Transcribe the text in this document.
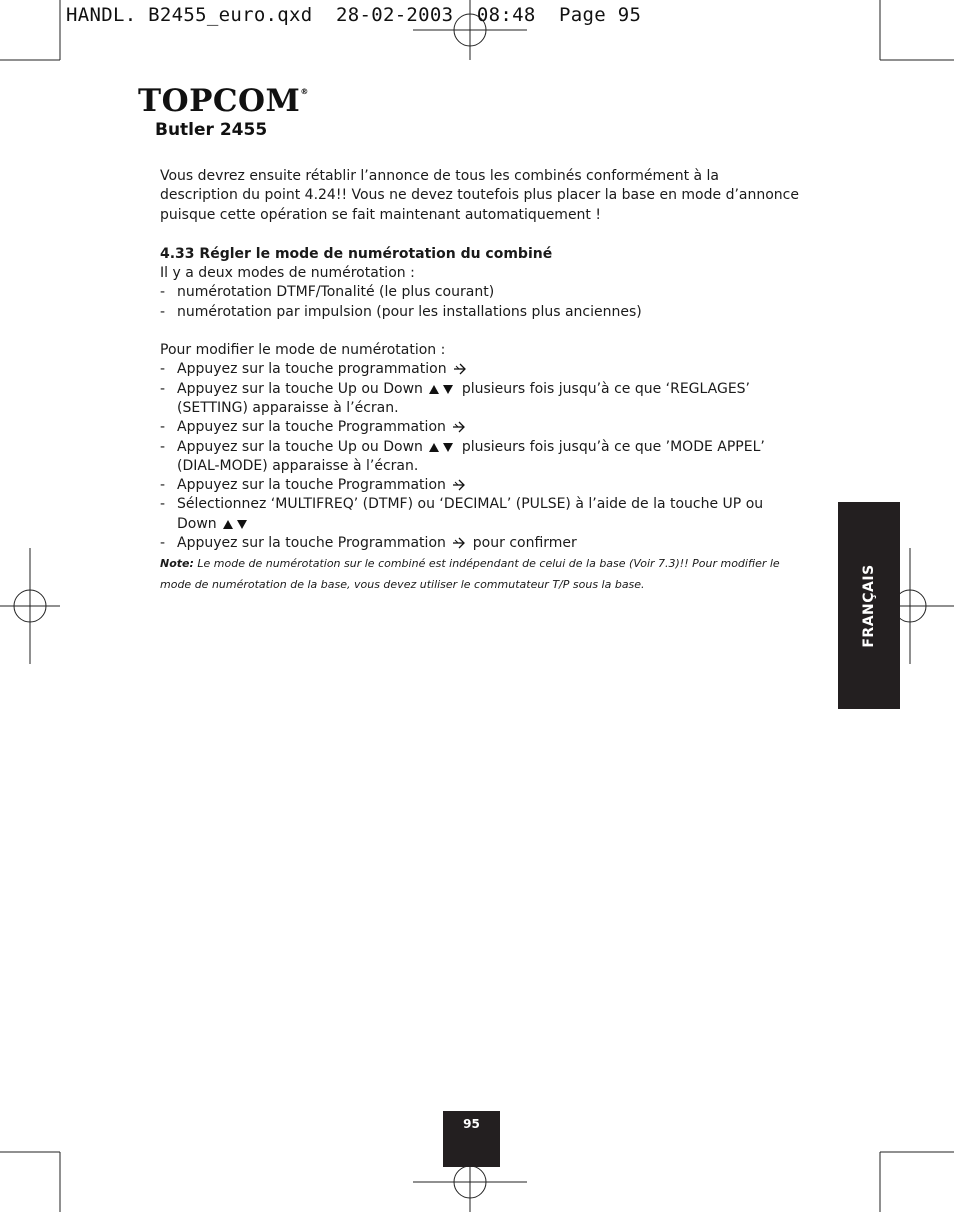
HANDL. B2455_euro.qxd  28-02-2003  08:48  Page 95
TOPCOM®
Butler 2455

Vous devrez ensuite rétablir l’annonce de tous les combinés conformément à la description du point 4.24!! Vous ne devez toutefois plus placer la base en mode d’annonce puisque cette opération se fait maintenant automatiquement !

4.33 Régler le mode de numérotation du combiné

Il y a deux modes de numérotation :

- numérotation DTMF/Tonalité (le plus courant)
- numérotation par impulsion (pour les installations plus anciennes)

Pour modifier le mode de numérotation :

- Appuyez sur la touche programmation
- Appuyez sur la touche Up ou Down	plusieurs fois jusqu’à ce que ‘REGLAGES’ (SETTING) apparaisse à l’écran.
- Appuyez sur la touche Programmation
- Appuyez sur la touche Up ou Down	plusieurs fois jusqu’à ce que ’MODE APPEL’ (DIAL-MODE) apparaisse à l’écran.
- Appuyez sur la touche Programmation
- Sélectionnez ‘MULTIFREQ’ (DTMF) ou ‘DECIMAL’ (PULSE) à l’aide de la touche UP ou Down
- Appuyez sur la touche Programmation pour confirmer

Note: Le mode de numérotation sur le combiné est indépendant de celui de la base (Voir 7.3)!! Pour modifier le mode de numérotation de la base, vous devez utiliser le commutateur T/P sous la base.	FRANÇAIS
95
